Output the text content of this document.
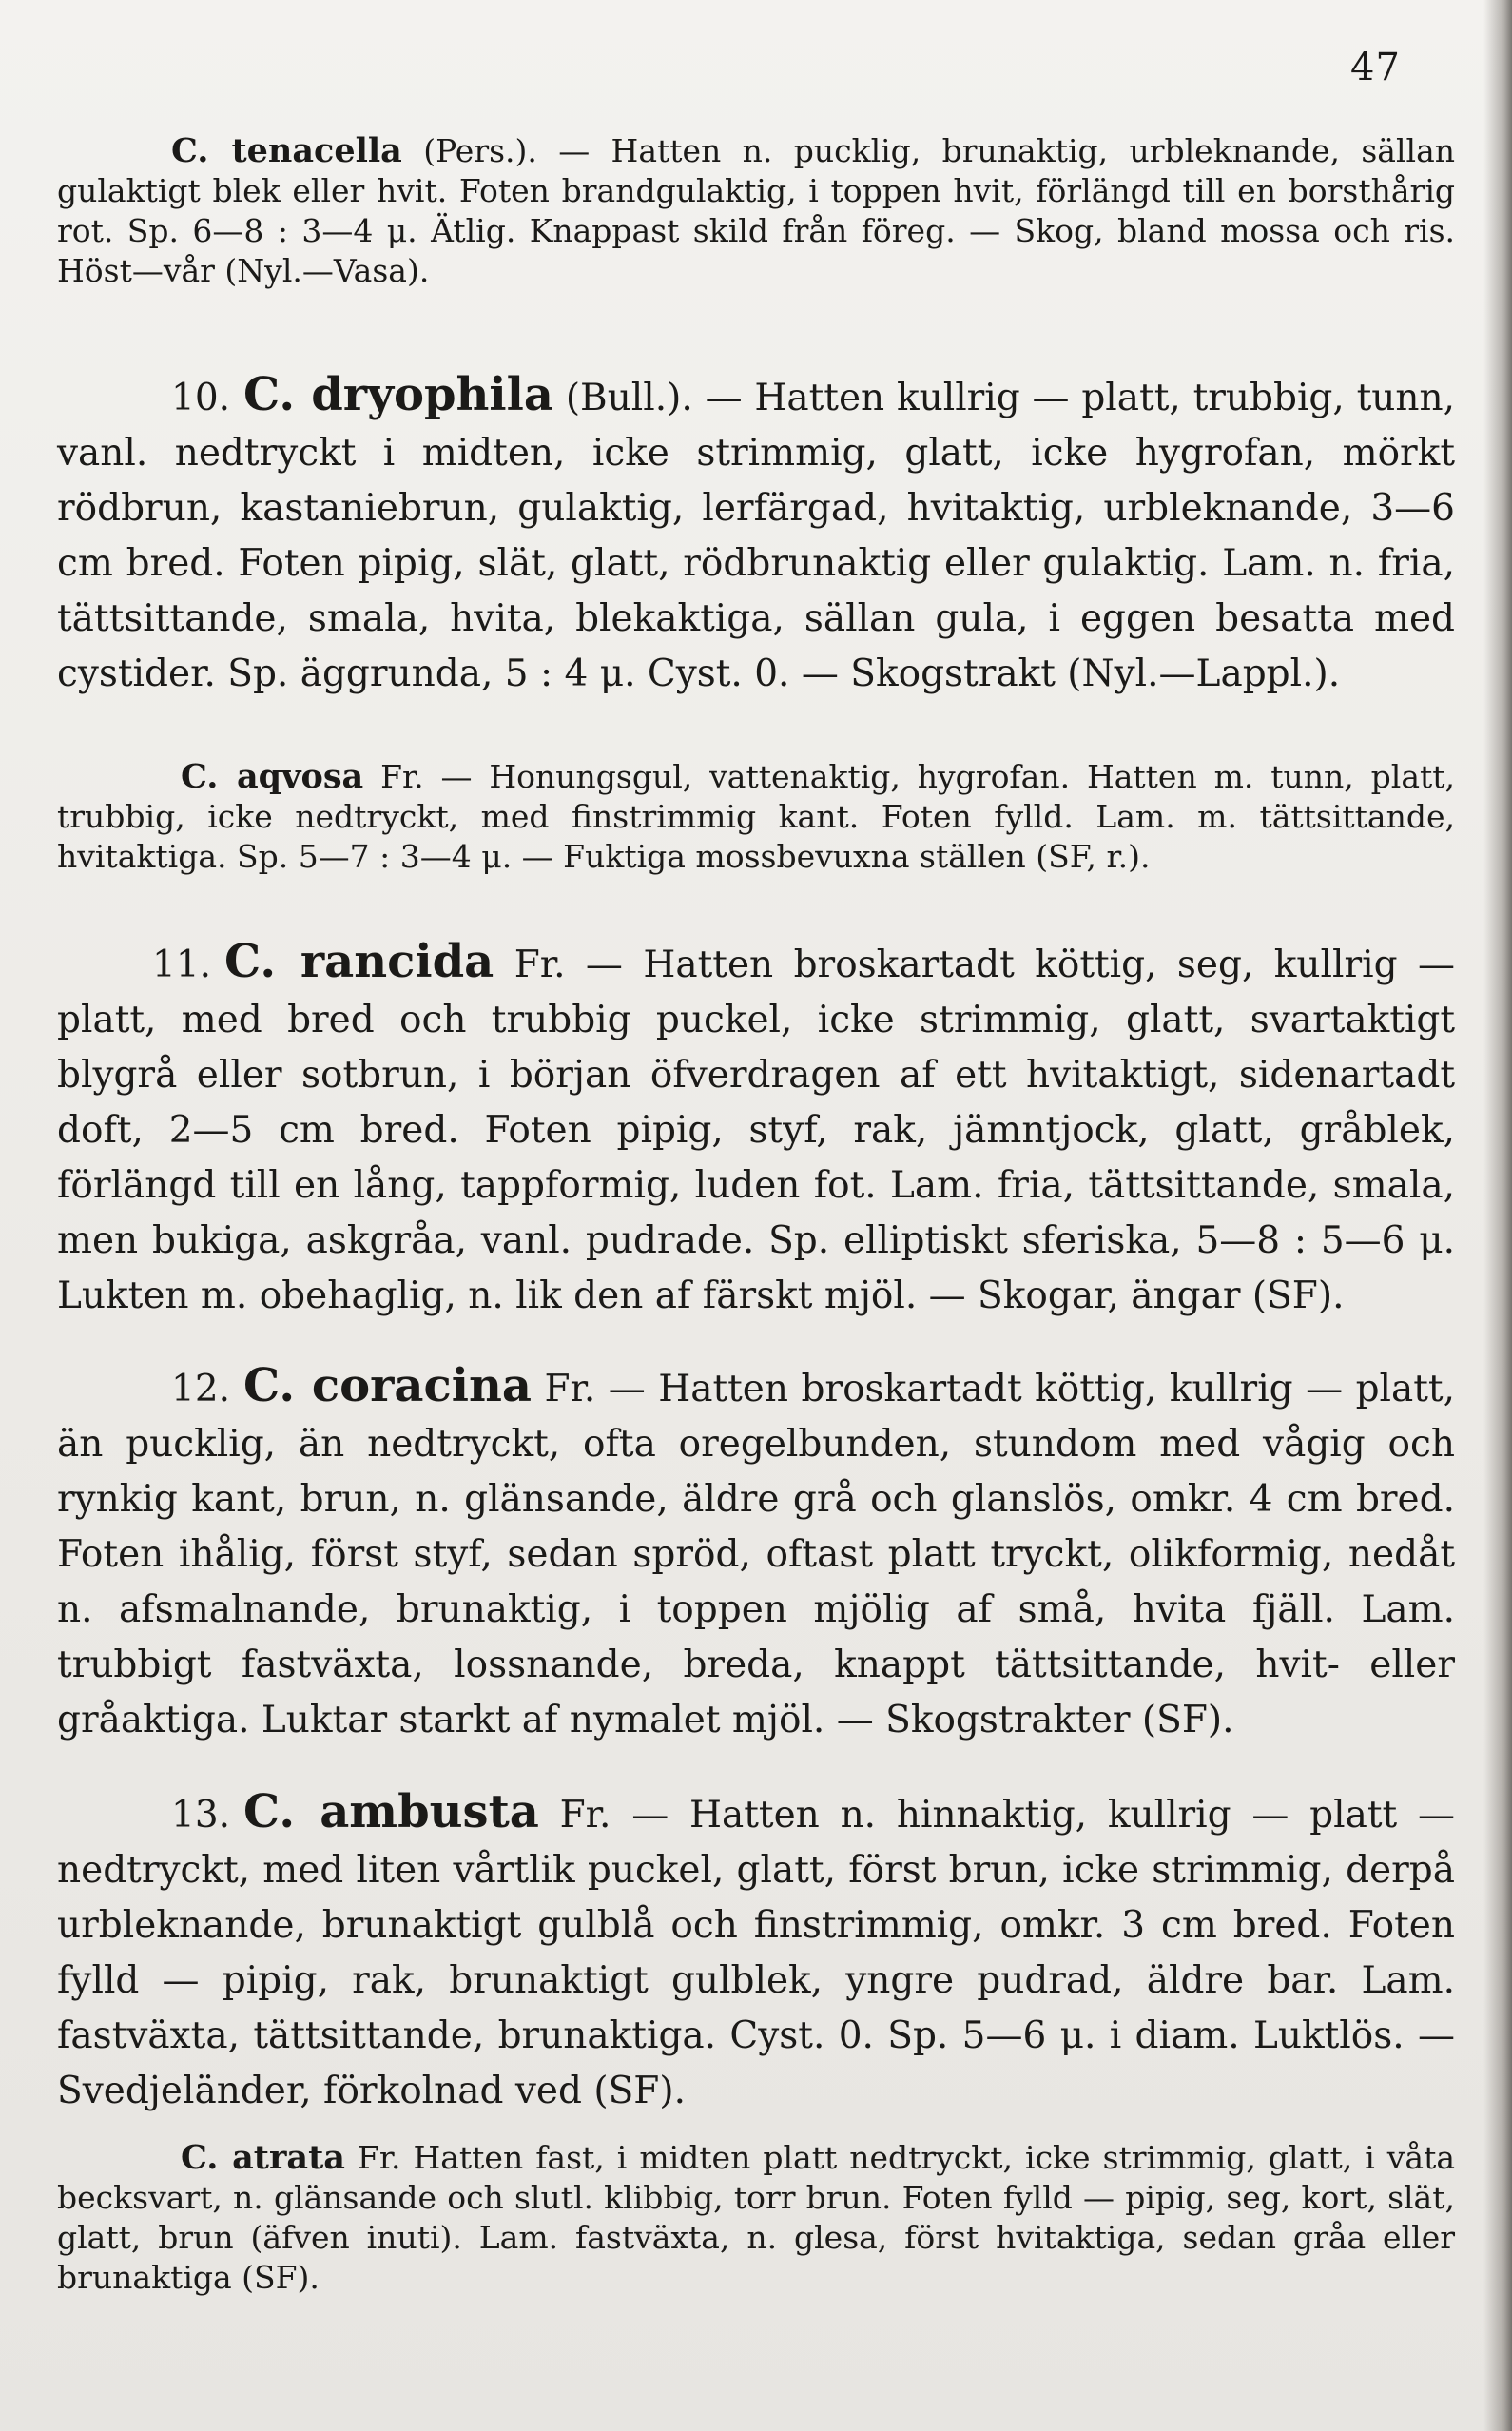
47
C. tenacella (Pers.). — Hatten n. pucklig, brunaktig, urbleknande, sällan gulaktigt blek eller hvit. Foten brandgulaktig, i toppen hvit, förlängd till en borsthårig rot. Sp. 6—8 : 3—4 μ. Ätlig. Knappast skild från föreg. — Skog, bland mossa och ris. Höst—vår (Nyl.—Vasa).
10. C. dryophila (Bull.). — Hatten kullrig — platt, trubbig, tunn, vanl. nedtryckt i midten, icke strimmig, glatt, icke hygrofan, mörkt rödbrun, kastaniebrun, gulaktig, lerfärgad, hvitaktig, urbleknande, 3—6 cm bred. Foten pipig, slät, glatt, rödbrunaktig eller gulaktig. Lam. n. fria, tättsittande, smala, hvita, blekaktiga, sällan gula, i eggen besatta med cystider. Sp. äggrunda, 5 : 4 μ. Cyst. 0. — Skogstrakt (Nyl.—Lappl.).
C. aqvosa Fr. — Honungsgul, vattenaktig, hygrofan. Hatten m. tunn, platt, trubbig, icke nedtryckt, med finstrimmig kant. Foten fylld. Lam. m. tättsittande, hvitaktiga. Sp. 5—7 : 3—4 μ. — Fuktiga mossbevuxna ställen (SF, r.).
11. C. rancida Fr. — Hatten broskartadt köttig, seg, kullrig — platt, med bred och trubbig puckel, icke strimmig, glatt, svartaktigt blygrå eller sotbrun, i början öfverdragen af ett hvitaktigt, sidenartadt doft, 2—5 cm bred. Foten pipig, styf, rak, jämntjock, glatt, gråblek, förlängd till en lång, tappformig, luden fot. Lam. fria, tättsittande, smala, men bukiga, askgråa, vanl. pudrade. Sp. elliptiskt sferiska, 5—8 : 5—6 μ. Lukten m. obehaglig, n. lik den af färskt mjöl. — Skogar, ängar (SF).
12. C. coracina Fr. — Hatten broskartadt köttig, kullrig — platt, än pucklig, än nedtryckt, ofta oregelbunden, stundom med vågig och rynkig kant, brun, n. glänsande, äldre grå och glanslös, omkr. 4 cm bred. Foten ihålig, först styf, sedan spröd, oftast platt tryckt, olikformig, nedåt n. afsmalnande, brunaktig, i toppen mjölig af små, hvita fjäll. Lam. trubbigt fastväxta, lossnande, breda, knappt tättsittande, hvit- eller gråaktiga. Luktar starkt af nymalet mjöl. — Skogstrakter (SF).
13. C. ambusta Fr. — Hatten n. hinnaktig, kullrig — platt — nedtryckt, med liten vårtlik puckel, glatt, först brun, icke strimmig, derpå urbleknande, brunaktigt gulblå och finstrimmig, omkr. 3 cm bred. Foten fylld — pipig, rak, brunaktigt gulblek, yngre pudrad, äldre bar. Lam. fastväxta, tättsittande, brunaktiga. Cyst. 0. Sp. 5—6 μ. i diam. Luktlös. — Svedjeländer, förkolnad ved (SF).
C. atrata Fr. Hatten fast, i midten platt nedtryckt, icke strimmig, glatt, i våta becksvart, n. glänsande och slutl. klibbig, torr brun. Foten fylld — pipig, seg, kort, slät, glatt, brun (äfven inuti). Lam. fastväxta, n. glesa, först hvitaktiga, sedan gråa eller brunaktiga (SF).
